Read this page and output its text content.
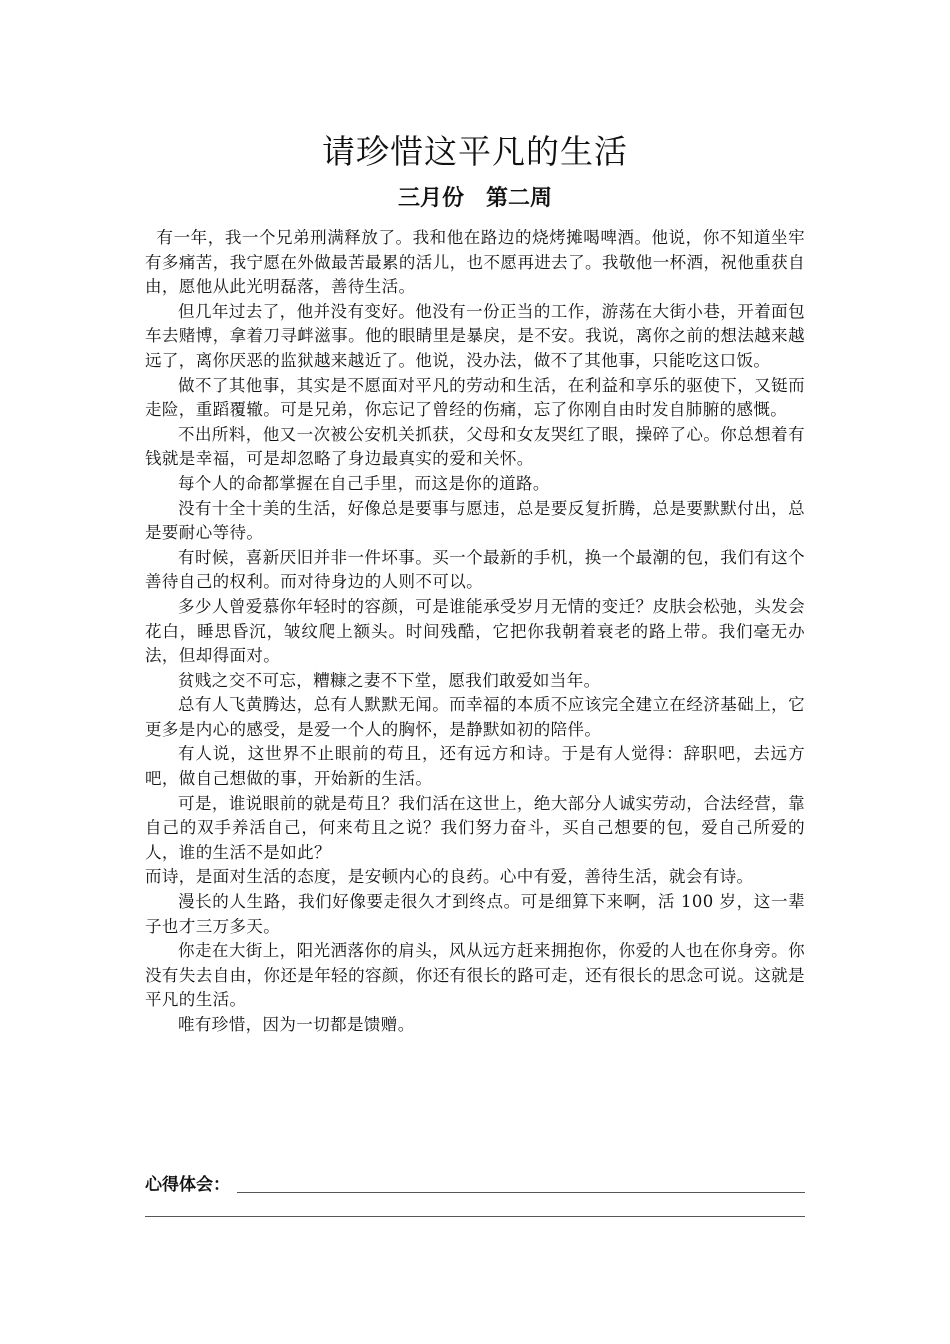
请珍惜这平凡的生活
三月份　第二周

有一年，我一个兄弟刑满释放了。我和他在路边的烧烤摊喝啤酒。他说，你不知道坐牢有多痛苦，我宁愿在外做最苦最累的活儿，也不愿再进去了。我敬他一杯酒，祝他重获自由，愿他从此光明磊落，善待生活。

但几年过去了，他并没有变好。他没有一份正当的工作，游荡在大街小巷，开着面包车去赌博，拿着刀寻衅滋事。他的眼睛里是暴戾，是不安。我说，离你之前的想法越来越远了，离你厌恶的监狱越来越近了。他说，没办法，做不了其他事，只能吃这口饭。

做不了其他事，其实是不愿面对平凡的劳动和生活，在利益和享乐的驱使下，又铤而走险，重蹈覆辙。可是兄弟，你忘记了曾经的伤痛，忘了你刚自由时发自肺腑的感慨。

不出所料，他又一次被公安机关抓获，父母和女友哭红了眼，操碎了心。你总想着有钱就是幸福，可是却忽略了身边最真实的爱和关怀。

每个人的命都掌握在自己手里，而这是你的道路。

没有十全十美的生活，好像总是要事与愿违，总是要反复折腾，总是要默默付出，总是要耐心等待。

有时候，喜新厌旧并非一件坏事。买一个最新的手机，换一个最潮的包，我们有这个善待自己的权利。而对待身边的人则不可以。

多少人曾爱慕你年轻时的容颜，可是谁能承受岁月无情的变迁？皮肤会松弛，头发会花白，睡思昏沉，皱纹爬上额头。时间残酷，它把你我朝着衰老的路上带。我们毫无办法，但却得面对。

贫贱之交不可忘，糟糠之妻不下堂，愿我们敢爱如当年。

总有人飞黄腾达，总有人默默无闻。而幸福的本质不应该完全建立在经济基础上，它更多是内心的感受，是爱一个人的胸怀，是静默如初的陪伴。

有人说，这世界不止眼前的苟且，还有远方和诗。于是有人觉得：辞职吧，去远方吧，做自己想做的事，开始新的生活。

可是，谁说眼前的就是苟且？我们活在这世上，绝大部分人诚实劳动，合法经营，靠自己的双手养活自己，何来苟且之说？我们努力奋斗，买自己想要的包，爱自己所爱的人，谁的生活不是如此？

而诗，是面对生活的态度，是安顿内心的良药。心中有爱，善待生活，就会有诗。

漫长的人生路，我们好像要走很久才到终点。可是细算下来啊，活 100 岁，这一辈子也才三万多天。

你走在大街上，阳光洒落你的肩头，风从远方赶来拥抱你，你爱的人也在你身旁。你没有失去自由，你还是年轻的容颜，你还有很长的路可走，还有很长的思念可说。这就是平凡的生活。

唯有珍惜，因为一切都是馈赠。

心得体会：
